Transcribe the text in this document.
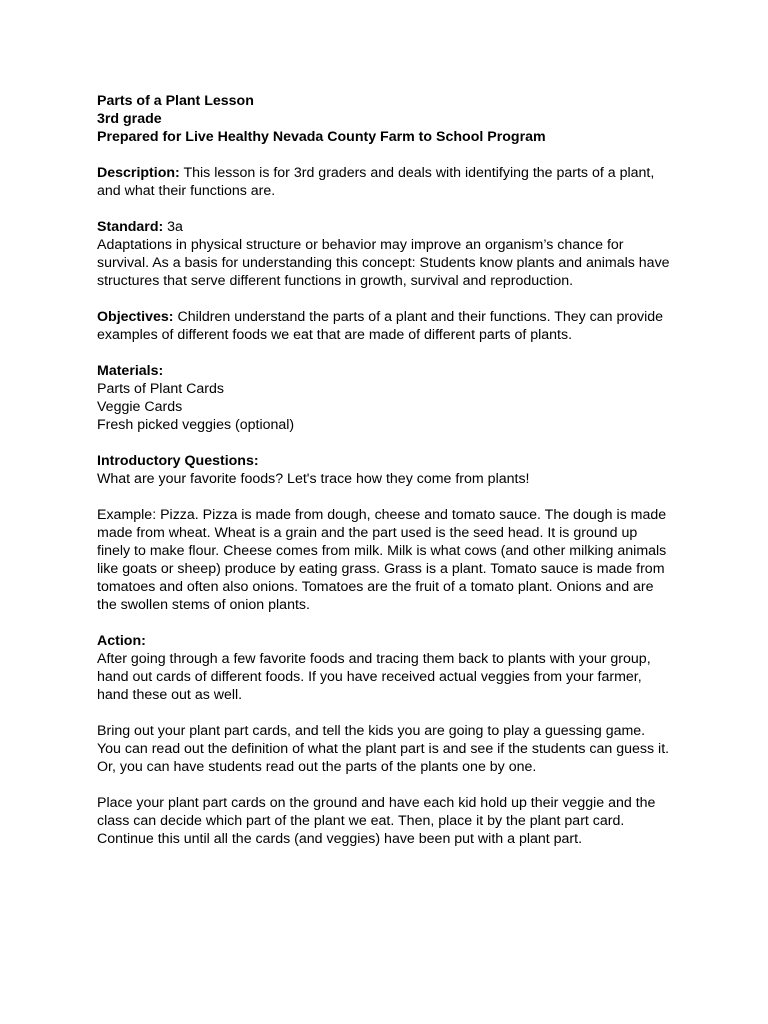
Parts of a Plant Lesson
3rd grade
Prepared for Live Healthy Nevada County Farm to School Program
Description: This lesson is for 3rd graders and deals with identifying the parts of a plant, and what their functions are.
Standard: 3a
Adaptations in physical structure or behavior may improve an organism’s chance for survival. As a basis for understanding this concept: Students know plants and animals have structures that serve different functions in growth, survival and reproduction.
Objectives: Children understand the parts of a plant and their functions. They can provide examples of different foods we eat that are made of different parts of plants.
Materials:
Parts of Plant Cards
Veggie Cards
Fresh picked veggies (optional)
Introductory Questions:
What are your favorite foods? Let's trace how they come from plants!
Example: Pizza. Pizza is made from dough, cheese and tomato sauce. The dough is made made from wheat. Wheat is a grain and the part used is the seed head. It is ground up finely to make flour. Cheese comes from milk. Milk is what cows (and other milking animals like goats or sheep) produce by eating grass. Grass is a plant. Tomato sauce is made from tomatoes and often also onions. Tomatoes are the fruit of a tomato plant. Onions and are the swollen stems of onion plants.
Action:
After going through a few favorite foods and tracing them back to plants with your group, hand out cards of different foods. If you have received actual veggies from your farmer, hand these out as well.
Bring out your plant part cards, and tell the kids you are going to play a guessing game. You can read out the definition of what the plant part is and see if the students can guess it. Or, you can have students read out the parts of the plants one by one.
Place your plant part cards on the ground and have each kid hold up their veggie and the class can decide which part of the plant we eat. Then, place it by the plant part card. Continue this until all the cards (and veggies) have been put with a plant part.
